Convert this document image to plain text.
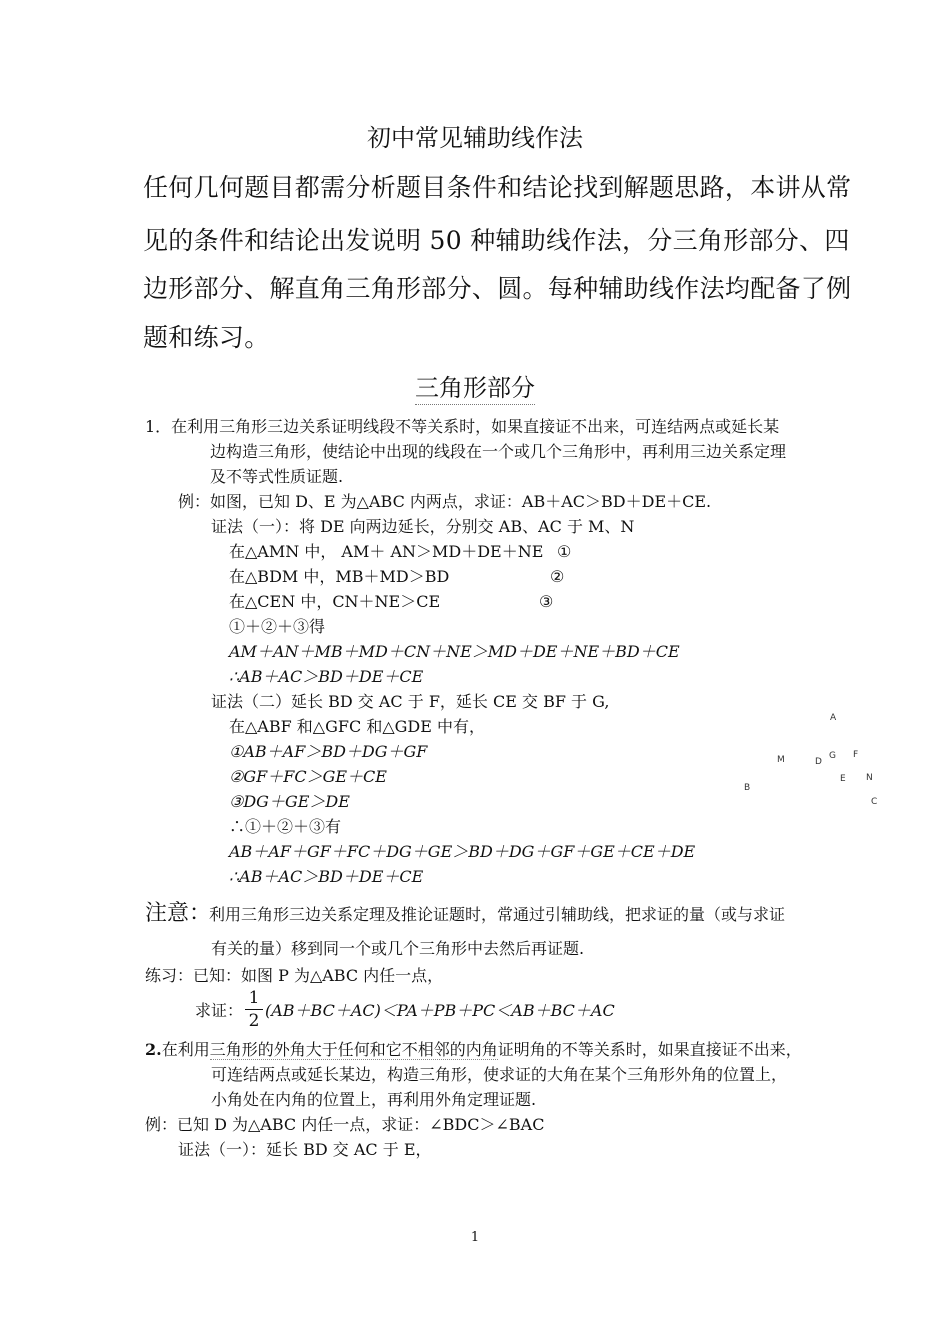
初中常见辅助线作法
任何几何题目都需分析题目条件和结论找到解题思路，本讲从常
见的条件和结论出发说明 50 种辅助线作法，分三角形部分、四
边形部分、解直角三角形部分、圆。每种辅助线作法均配备了例
题和练习。
三角形部分
1．在利用三角形三边关系证明线段不等关系时，如果直接证不出来，可连结两点或延长某
边构造三角形，使结论中出现的线段在一个或几个三角形中，再利用三边关系定理
及不等式性质证题.
例：如图，已知 D、E 为△ABC 内两点，求证：AB＋AC＞BD＋DE＋CE.
证法（一）：将 DE 向两边延长，分别交 AB、AC 于 M、N
在△AMN 中， AM＋ AN＞MD＋DE＋NE ①
在△BDM 中，MB＋MD＞BD	②
在△CEN 中，CN＋NE＞CE	③
①＋②＋③得
AM＋AN＋MB＋MD＋CN＋NE＞MD＋DE＋NE＋BD＋CE
∴AB＋AC＞BD＋DE＋CE
证法（二）延长 BD 交 AC 于 F，延长 CE 交 BF 于 G,
在△ABF 和△GFC 和△GDE 中有，
①AB＋AF＞BD＋DG＋GF
②GF＋FC＞GE＋CE
③DG＋GE＞DE
∴①＋②＋③有
AB＋AF＋GF＋FC＋DG＋GE＞BD＋DG＋GF＋GE＋CE＋DE
∴AB＋AC＞BD＋DE＋CE
A
M	D
G F
E N
B
C
注意：
利用三角形三边关系定理及推论证题时，常通过引辅助线，把求证的量（或与求证
有关的量）移到同一个或几个三角形中去然后再证题.
练习：已知：如图 P 为△ABC 内任一点，
求证：
1
2
(AB＋BC＋AC)＜PA＋PB＋PC＜AB＋BC＋AC
2.在利用三角形的外角大于任何和它不相邻的内角证明角的不等关系时，如果直接证不出来，
可连结两点或延长某边，构造三角形，使求证的大角在某个三角形外角的位置上，
小角处在内角的位置上，再利用外角定理证题.
例：已知 D 为△ABC 内任一点，求证：∠BDC＞∠BAC
证法（一）：延长 BD 交 AC 于 E，
1
